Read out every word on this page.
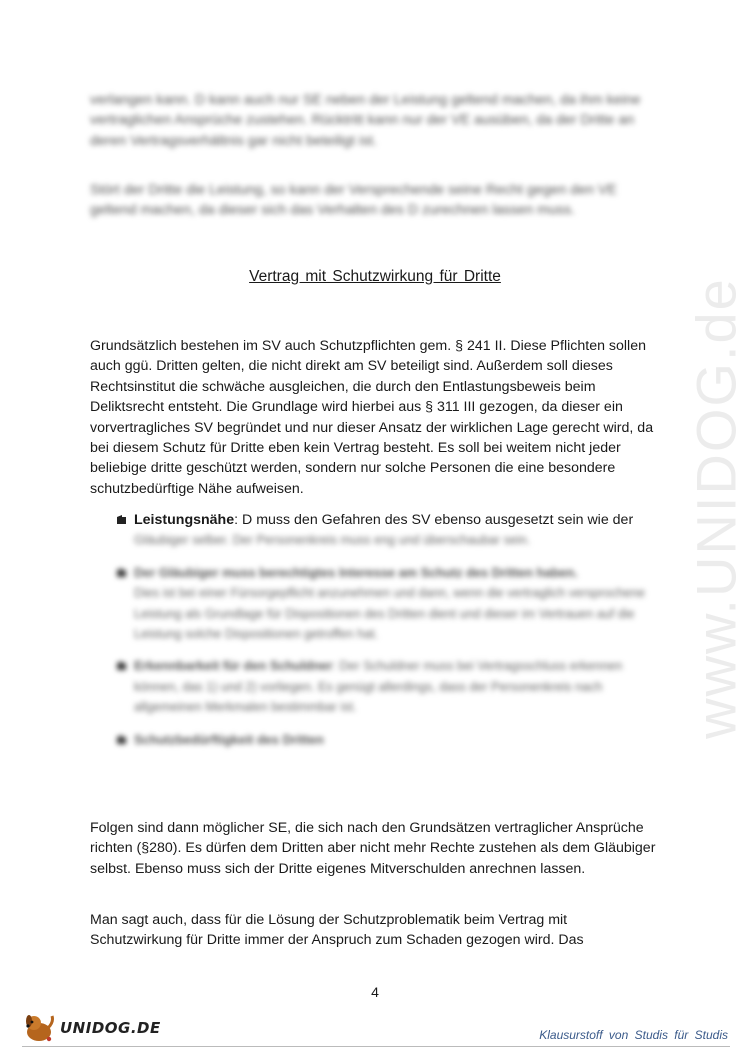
www.UNIDOG.de

verlangen kann. D kann auch nur SE neben der Leistung geltend machen, da ihm keine vertraglichen Ansprüche zustehen. Rücktritt kann nur der VE ausüben, da der Dritte an deren Vertragsverhältnis gar nicht beteiligt ist.

Stört der Dritte die Leistung, so kann der Versprechende seine Recht gegen den VE geltend machen, da dieser sich das Verhalten des D zurechnen lassen muss.

Vertrag mit Schutzwirkung für Dritte

Grundsätzlich bestehen im SV auch Schutzpflichten gem. § 241 II. Diese Pflichten sollen auch ggü. Dritten gelten, die nicht direkt am SV beteiligt sind. Außerdem soll dieses Rechtsinstitut die schwäche ausgleichen, die durch den Entlastungsbeweis beim Deliktsrecht entsteht. Die Grundlage wird hierbei aus § 311 III gezogen, da dieser ein vorvertragliches SV begründet und nur dieser Ansatz der wirklichen Lage gerecht wird, da bei diesem Schutz für Dritte eben kein Vertrag besteht. Es soll bei weitem nicht jeder beliebige dritte geschützt werden, sondern nur solche Personen die eine besondere schutzbedürftige Nähe aufweisen.

Leistungsnähe: D muss den Gefahren des SV ebenso ausgesetzt sein wie der
Gläubiger selber. Der Personenkreis muss eng und überschaubar sein.
Der Gläubiger muss berechtigtes Interesse am Schutz des Dritten haben.
Dies ist bei einer Fürsorgepflicht anzunehmen und dann, wenn die vertraglich versprochene Leistung als Grundlage für Dispositionen des Dritten dient und dieser im Vertrauen auf die Leistung solche Dispositionen getroffen hat.
Erkennbarkeit für den Schuldner: Der Schuldner muss bei Vertragsschluss erkennen können, das 1) und 2) vorliegen. Es genügt allerdings, dass der Personenkreis nach allgemeinen Merkmalen bestimmbar ist.
Schutzbedürftigkeit des Dritten

Folgen sind dann möglicher SE, die sich nach den Grundsätzen vertraglicher Ansprüche richten (§280). Es dürfen dem Dritten aber nicht mehr Rechte zustehen als dem Gläubiger selbst. Ebenso muss sich der Dritte eigenes Mitverschulden anrechnen lassen.

Man sagt auch, dass für die Lösung der Schutzproblematik beim Vertrag mit Schutzwirkung für Dritte immer der Anspruch zum Schaden gezogen wird. Das

4
UNIDOG.DE	Klausurstoff von Studis für Studis
